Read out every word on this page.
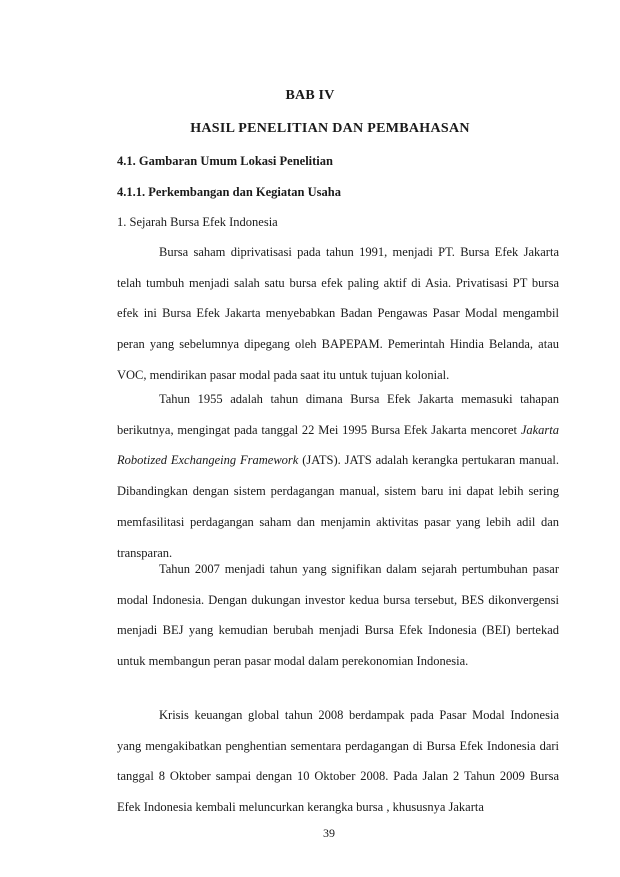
BAB IV
HASIL PENELITIAN DAN PEMBAHASAN
4.1. Gambaran Umum Lokasi Penelitian
4.1.1. Perkembangan dan Kegiatan Usaha
1. Sejarah Bursa Efek Indonesia

Bursa saham diprivatisasi pada tahun 1991, menjadi PT. Bursa Efek Jakarta telah tumbuh menjadi salah satu bursa efek paling aktif di Asia. Privatisasi PT bursa efek ini Bursa Efek Jakarta menyebabkan Badan Pengawas Pasar Modal mengambil peran yang sebelumnya dipegang oleh BAPEPAM. Pemerintah Hindia Belanda, atau VOC, mendirikan pasar modal pada saat itu untuk tujuan kolonial.

Tahun 1955 adalah tahun dimana Bursa Efek Jakarta memasuki tahapan berikutnya, mengingat pada tanggal 22 Mei 1995 Bursa Efek Jakarta mencoret Jakarta Robotized Exchangeing Framework (JATS). JATS adalah kerangka pertukaran manual. Dibandingkan dengan sistem perdagangan manual, sistem baru ini dapat lebih sering memfasilitasi perdagangan saham dan menjamin aktivitas pasar yang lebih adil dan transparan.

Tahun 2007 menjadi tahun yang signifikan dalam sejarah pertumbuhan pasar modal Indonesia. Dengan dukungan investor kedua bursa tersebut, BES dikonvergensi menjadi BEJ yang kemudian berubah menjadi Bursa Efek Indonesia (BEI) bertekad untuk membangun peran pasar modal dalam perekonomian Indonesia.

Krisis keuangan global tahun 2008 berdampak pada Pasar Modal Indonesia yang mengakibatkan penghentian sementara perdagangan di Bursa Efek Indonesia dari tanggal 8 Oktober sampai dengan 10 Oktober 2008. Pada Jalan 2 Tahun 2009 Bursa Efek Indonesia kembali meluncurkan kerangka bursa , khususnya Jakarta

39
